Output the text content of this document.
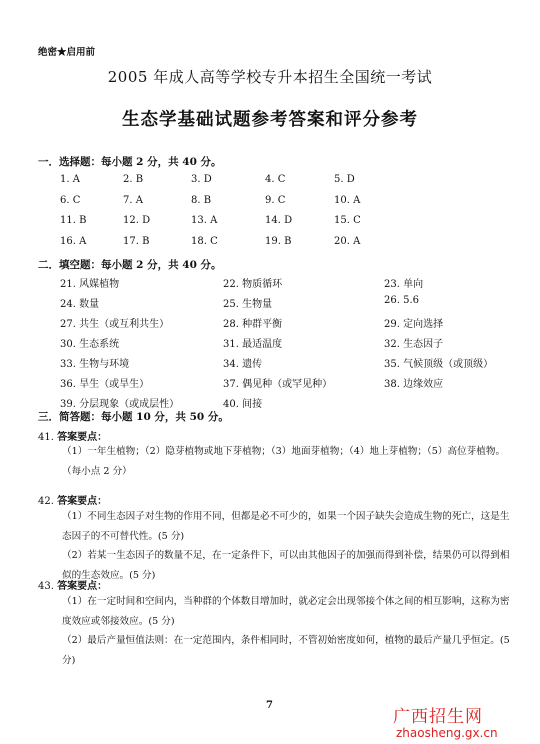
绝密★启用前
2005 年成人高等学校专升本招生全国统一考试
生态学基础试题参考答案和评分参考
一．选择题：每小题 2 分，共 40 分。
1. A	2. B	3. D	4. C	5. D
6. C	7. A	8. B	9. C	10. A
11. B	12. D	13. A	14. D	15. C
16. A	17. B	18. C	19. B	20. A
二．填空题：每小题 2 分，共 40 分。
21. 风媒植物	22. 物质循环	23. 单向
24. 数量	25. 生物量	26. 5.6
27. 共生（或互利共生）	28. 种群平衡	29. 定向选择
30. 生态系统	31. 最适温度	32. 生态因子
33. 生物与环境	34. 遗传	35. 气候顶级（或顶级）
36. 旱生（或旱生）	37. 偶见种（或罕见种）	38. 边缘效应
39. 分层现象（或成层性）	40. 间接
三．简答题：每小题 10 分，共 50 分。
41. 答案要点：
（1）一年生植物；（2）隐芽植物或地下芽植物；（3）地面芽植物；（4）地上芽植物；（5）高位芽植物。
（每小点 2 分）
42. 答案要点：
（1）不同生态因子对生物的作用不同，但都是必不可少的，如果一个因子缺失会造成生物的死亡，这是生态因子的不可替代性。(5 分)
（2）若某一生态因子的数量不足，在一定条件下，可以由其他因子的加强而得到补偿，结果仍可以得到相似的生态效应。(5 分)
43. 答案要点：
（1）在一定时间和空间内，当种群的个体数目增加时，就必定会出现邻接个体之间的相互影响，这称为密度效应或邻接效应。(5 分)
（2）最后产量恒值法则：在一定范围内，条件相同时，不管初始密度如何，植物的最后产量几乎恒定。(5 分)
7
广西招生网
zhaosheng.gx.cn
